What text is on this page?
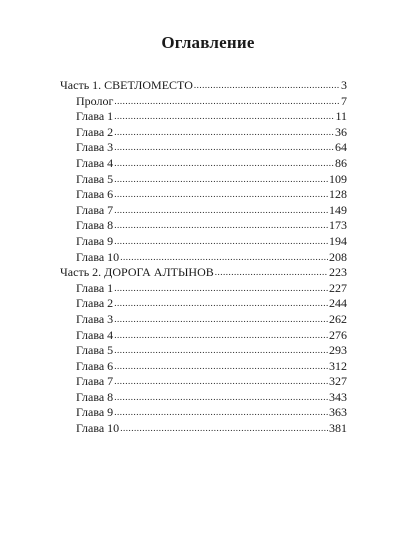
Оглавление
Часть 1. СВЕТЛОМЕСТО .....	3
Пролог .....	7
Глава 1 .....	11
Глава 2 .....	36
Глава 3 .....	64
Глава 4 .....	86
Глава 5 .....	109
Глава 6 .....	128
Глава 7 .....	149
Глава 8 .....	173
Глава 9 .....	194
Глава 10 .....	208
Часть 2. ДОРОГА АЛТЫНОВ .....	223
Глава 1 .....	227
Глава 2 .....	244
Глава 3 .....	262
Глава 4 .....	276
Глава 5 .....	293
Глава 6 .....	312
Глава 7 .....	327
Глава 8 .....	343
Глава 9 .....	363
Глава 10 .....	381
